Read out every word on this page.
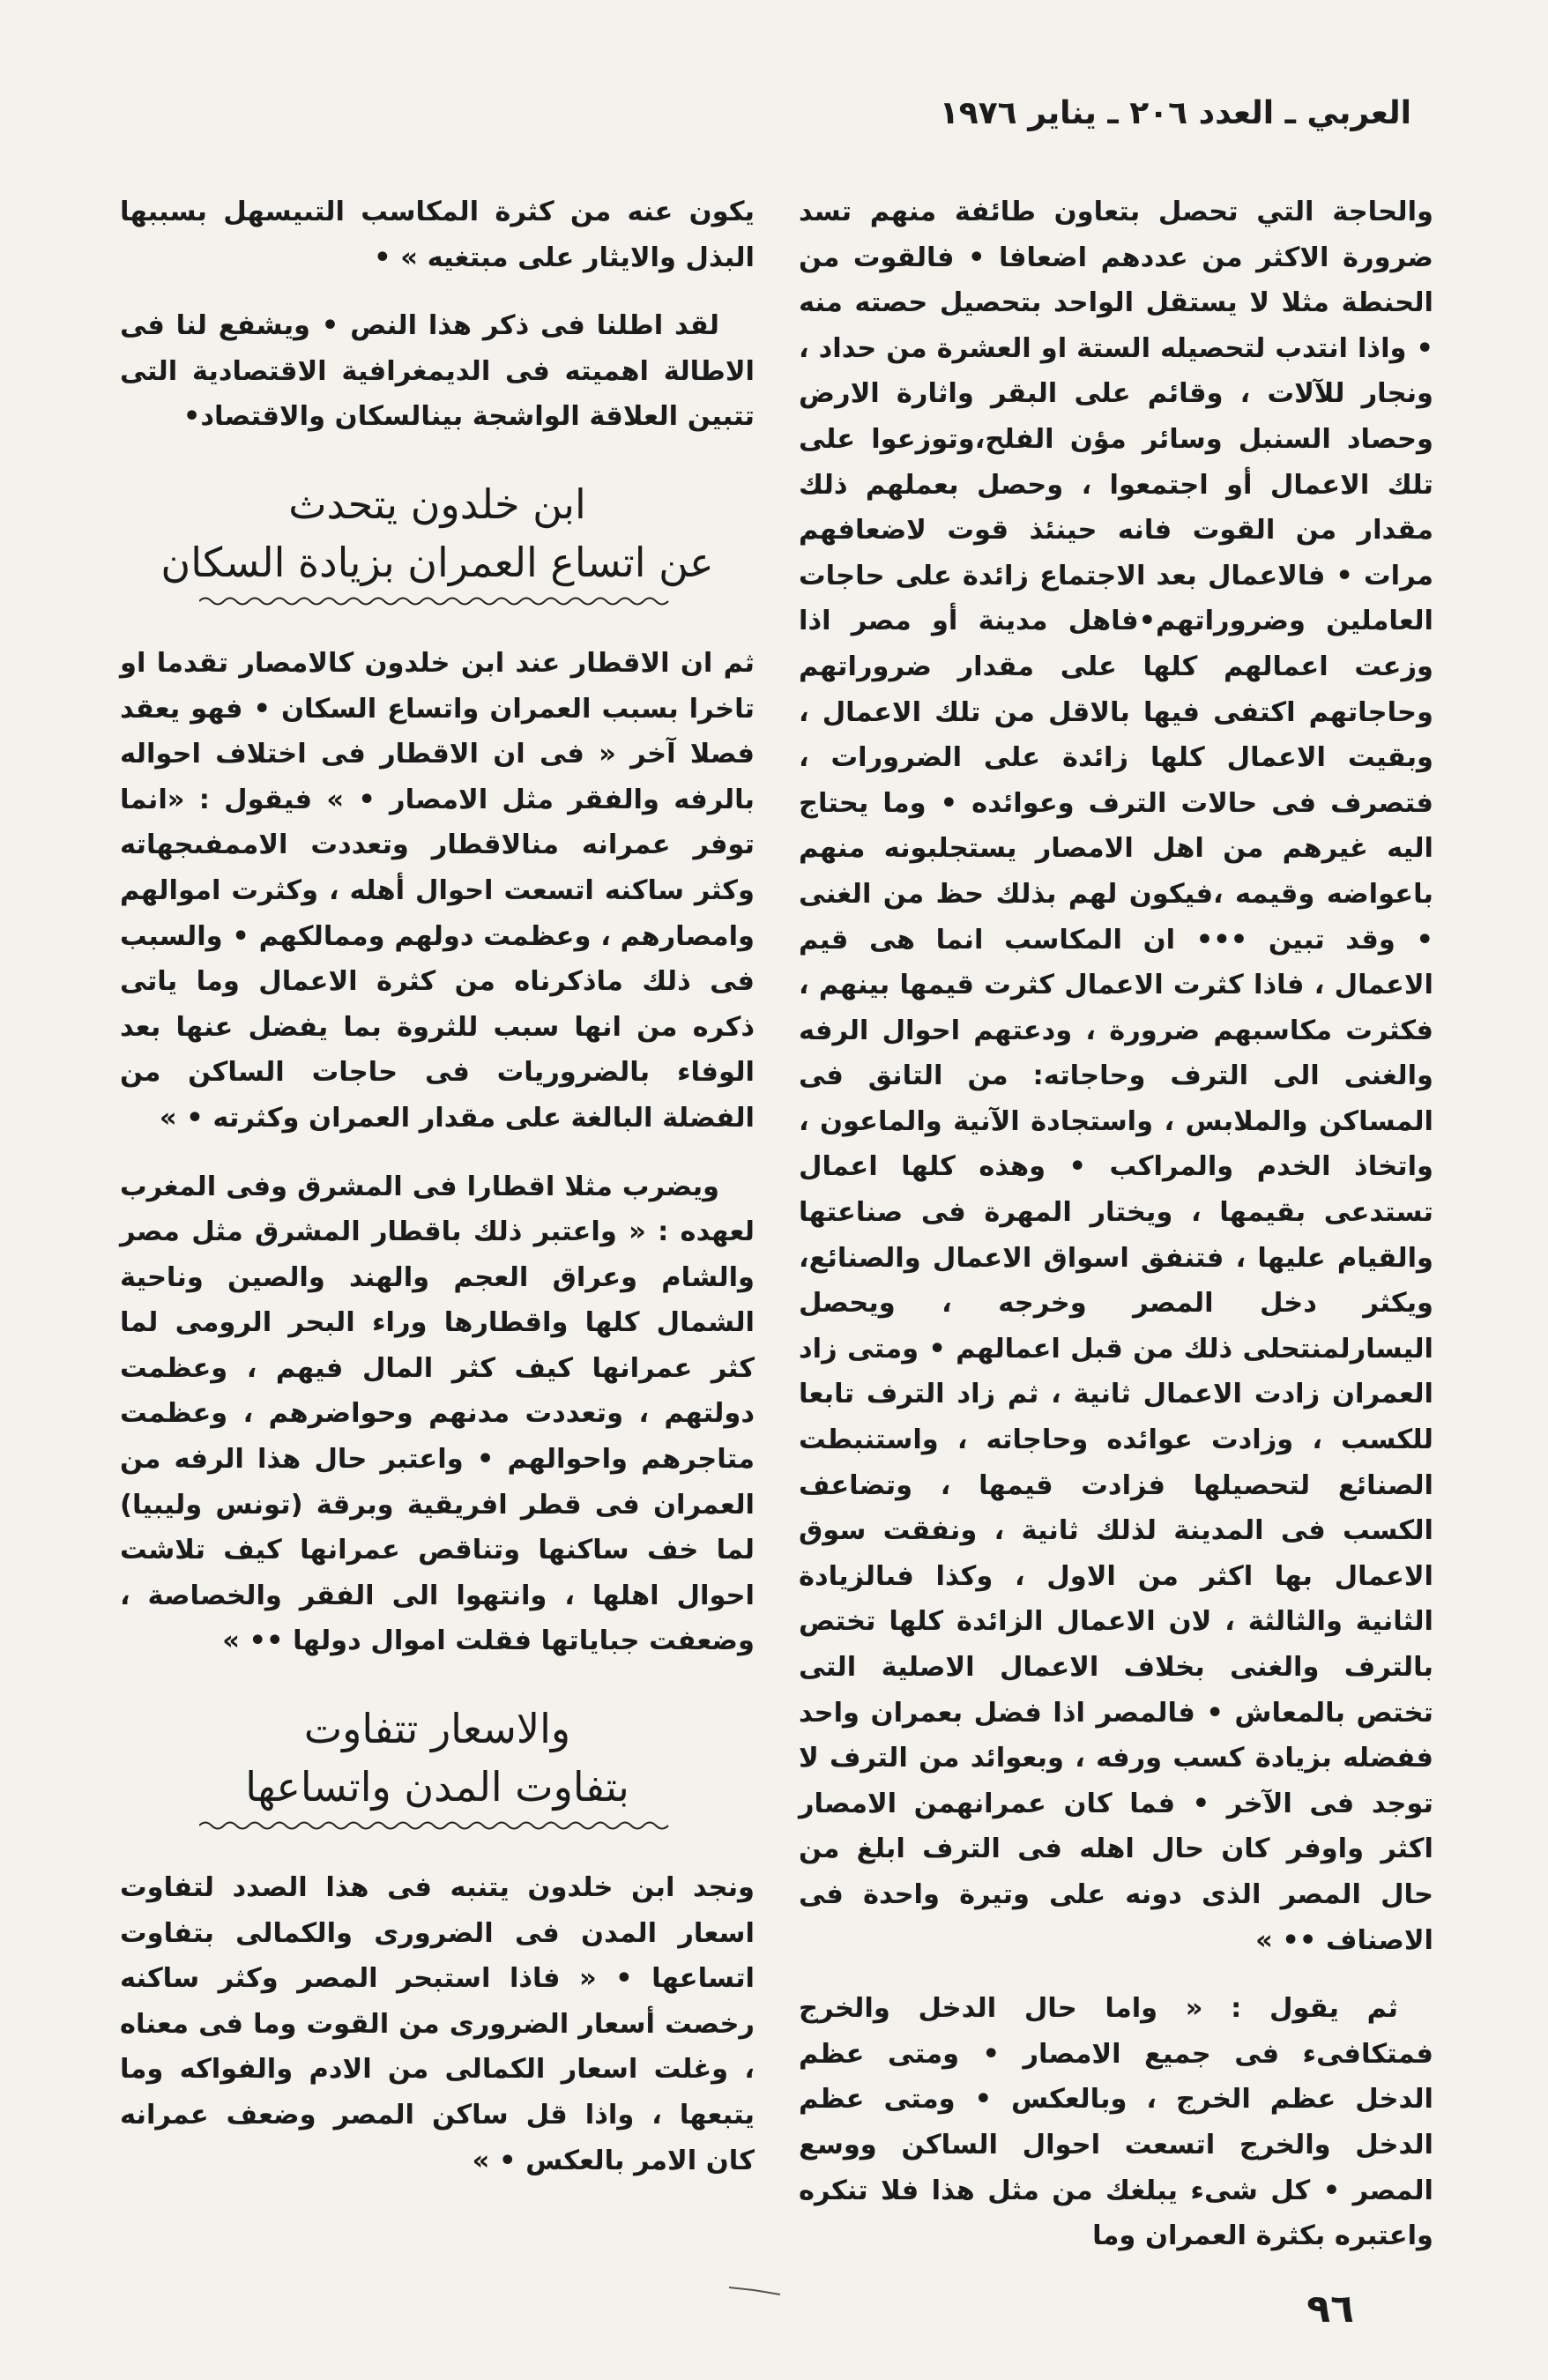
العربي ـ العدد ٢٠٦ ـ يناير ١٩٧٦

والحاجة التي تحصل بتعاون طائفة منهم تسد ضرورة الاكثر من عددهم اضعافا • فالقوت من الحنطة مثلا لا يستقل الواحد بتحصيل حصته منه • واذا انتدب لتحصيله الستة او العشرة من حداد ، ونجار للآلات ، وقائم على البقر واثارة الارض وحصاد السنبل وسائر مؤن الفلح،وتوزعوا على تلك الاعمال أو اجتمعوا ، وحصل بعملهم ذلك مقدار من القوت فانه حينئذ قوت لاضعافهم مرات • فالاعمال بعد الاجتماع زائدة على حاجات العاملين وضروراتهم•فاهل مدينة أو مصر اذا وزعت اعمالهم كلها على مقدار ضروراتهم وحاجاتهم اكتفى فيها بالاقل من تلك الاعمال ، وبقيت الاعمال كلها زائدة على الضرورات ، فتصرف فى حالات الترف وعوائده • وما يحتاج اليه غيرهم من اهل الامصار يستجلبونه منهم باعواضه وقيمه ،فيكون لهم بذلك حظ من الغنى • وقد تبين ••• ان المكاسب انما هى قيم الاعمال ، فاذا كثرت الاعمال كثرت قيمها بينهم ، فكثرت مكاسبهم ضرورة ، ودعتهم احوال الرفه والغنى الى الترف وحاجاته: من التانق فى المساكن والملابس ، واستجادة الآنية والماعون ، واتخاذ الخدم والمراكب • وهذه كلها اعمال تستدعى بقيمها ، ويختار المهرة فى صناعتها والقيام عليها ، فتنفق اسواق الاعمال والصنائع، ويكثر دخل المصر وخرجه ، ويحصل اليسارلمنتحلى ذلك من قبل اعمالهم • ومتى زاد العمران زادت الاعمال ثانية ، ثم زاد الترف تابعا للكسب ، وزادت عوائده وحاجاته ، واستنبطت الصنائع لتحصيلها فزادت قيمها ، وتضاعف الكسب فى المدينة لذلك ثانية ، ونفقت سوق الاعمال بها اكثر من الاول ، وكذا فىالزيادة الثانية والثالثة ، لان الاعمال الزائدة كلها تختص بالترف والغنى بخلاف الاعمال الاصلية التى تختص بالمعاش • فالمصر اذا فضل بعمران واحد ففضله بزيادة كسب ورفه ، وبعوائد من الترف لا توجد فى الآخر • فما كان عمرانهمن الامصار اكثر واوفر كان حال اهله فى الترف ابلغ من حال المصر الذى دونه على وتيرة واحدة فى الاصناف •• »

ثم يقول : « واما حال الدخل والخرج فمتكافىء فى جميع الامصار • ومتى عظم الدخل عظم الخرج ، وبالعكس • ومتى عظم الدخل والخرج اتسعت احوال الساكن ووسع المصر • كل شىء يبلغك من مثل هذا فلا تنكره واعتبره بكثرة العمران وما

يكون عنه من كثرة المكاسب التىيسهل بسببها البذل والايثار على مبتغيه » •

لقد اطلنا فى ذكر هذا النص • ويشفع لنا فى الاطالة اهميته فى الديمغرافية الاقتصادية التى تتبين العلاقة الواشجة بينالسكان والاقتصاد•

ابن خلدون يتحدث
عن اتساع العمران بزيادة السكان

ثم ان الاقطار عند ابن خلدون كالامصار تقدما او تاخرا بسبب العمران واتساع السكان • فهو يعقد فصلا آخر « فى ان الاقطار فى اختلاف احواله بالرفه والفقر مثل الامصار • » فيقول : «انما توفر عمرانه منالاقطار وتعددت الاممفىجهاته وكثر ساكنه اتسعت احوال أهله ، وكثرت اموالهم وامصارهم ، وعظمت دولهم وممالكهم • والسبب فى ذلك ماذكرناه من كثرة الاعمال وما ياتى ذكره من انها سبب للثروة بما يفضل عنها بعد الوفاء بالضروريات فى حاجات الساكن من الفضلة البالغة على مقدار العمران وكثرته • »

ويضرب مثلا اقطارا فى المشرق وفى المغرب لعهده : « واعتبر ذلك باقطار المشرق مثل مصر والشام وعراق العجم والهند والصين وناحية الشمال كلها واقطارها وراء البحر الرومى لما كثر عمرانها كيف كثر المال فيهم ، وعظمت دولتهم ، وتعددت مدنهم وحواضرهم ، وعظمت متاجرهم واحوالهم • واعتبر حال هذا الرفه من العمران فى قطر افريقية وبرقة (تونس وليبيا) لما خف ساكنها وتناقص عمرانها كيف تلاشت احوال اهلها ، وانتهوا الى الفقر والخصاصة ، وضعفت جباياتها فقلت اموال دولها •• »

والاسعار تتفاوت
بتفاوت المدن واتساعها

ونجد ابن خلدون يتنبه فى هذا الصدد لتفاوت اسعار المدن فى الضرورى والكمالى بتفاوت اتساعها • « فاذا استبحر المصر وكثر ساكنه رخصت أسعار الضرورى من القوت وما فى معناه ، وغلت اسعار الكمالى من الادم والفواكه وما يتبعها ، واذا قل ساكن المصر وضعف عمرانه كان الامر بالعكس • »

٩٦
